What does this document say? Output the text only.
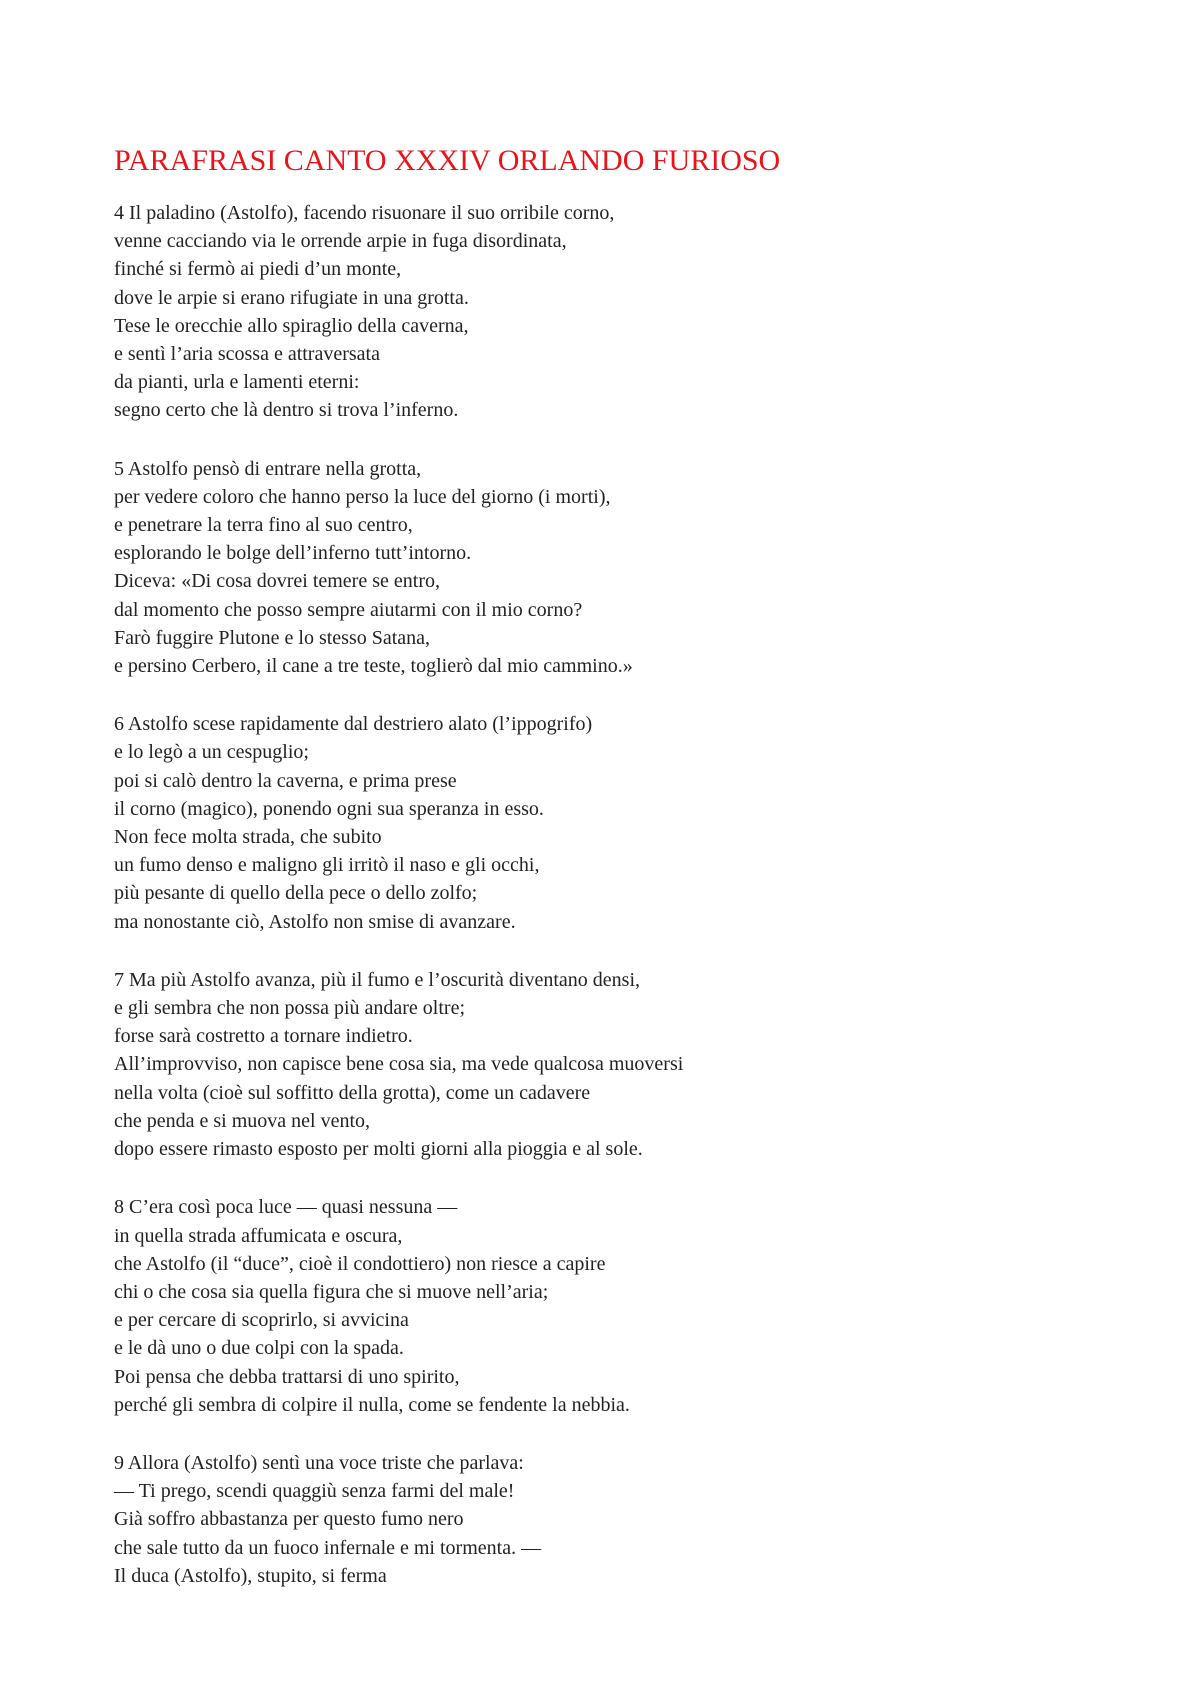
PARAFRASI CANTO XXXIV ORLANDO FURIOSO
4 Il paladino (Astolfo), facendo risuonare il suo orribile corno,
venne cacciando via le orrende arpie in fuga disordinata,
finché si fermò ai piedi d’un monte,
dove le arpie si erano rifugiate in una grotta.
Tese le orecchie allo spiraglio della caverna,
e sentì l’aria scossa e attraversata
da pianti, urla e lamenti eterni:
segno certo che là dentro si trova l’inferno.
5 Astolfo pensò di entrare nella grotta,
per vedere coloro che hanno perso la luce del giorno (i morti),
e penetrare la terra fino al suo centro,
esplorando le bolge dell’inferno tutt’intorno.
Diceva: «Di cosa dovrei temere se entro,
dal momento che posso sempre aiutarmi con il mio corno?
Farò fuggire Plutone e lo stesso Satana,
e persino Cerbero, il cane a tre teste, toglierò dal mio cammino.»
6 Astolfo scese rapidamente dal destriero alato (l’ippogrifo)
e lo legò a un cespuglio;
poi si calò dentro la caverna, e prima prese
il corno (magico), ponendo ogni sua speranza in esso.
Non fece molta strada, che subito
un fumo denso e maligno gli irritò il naso e gli occhi,
più pesante di quello della pece o dello zolfo;
ma nonostante ciò, Astolfo non smise di avanzare.
7 Ma più Astolfo avanza, più il fumo e l’oscurità diventano densi,
e gli sembra che non possa più andare oltre;
forse sarà costretto a tornare indietro.
All’improvviso, non capisce bene cosa sia, ma vede qualcosa muoversi
nella volta (cioè sul soffitto della grotta), come un cadavere
che penda e si muova nel vento,
dopo essere rimasto esposto per molti giorni alla pioggia e al sole.
8 C’era così poca luce — quasi nessuna —
in quella strada affumicata e oscura,
che Astolfo (il “duce”, cioè il condottiero) non riesce a capire
chi o che cosa sia quella figura che si muove nell’aria;
e per cercare di scoprirlo, si avvicina
e le dà uno o due colpi con la spada.
Poi pensa che debba trattarsi di uno spirito,
perché gli sembra di colpire il nulla, come se fendente la nebbia.
9 Allora (Astolfo) sentì una voce triste che parlava:
— Ti prego, scendi quaggiù senza farmi del male!
Già soffro abbastanza per questo fumo nero
che sale tutto da un fuoco infernale e mi tormenta. —
Il duca (Astolfo), stupito, si ferma
